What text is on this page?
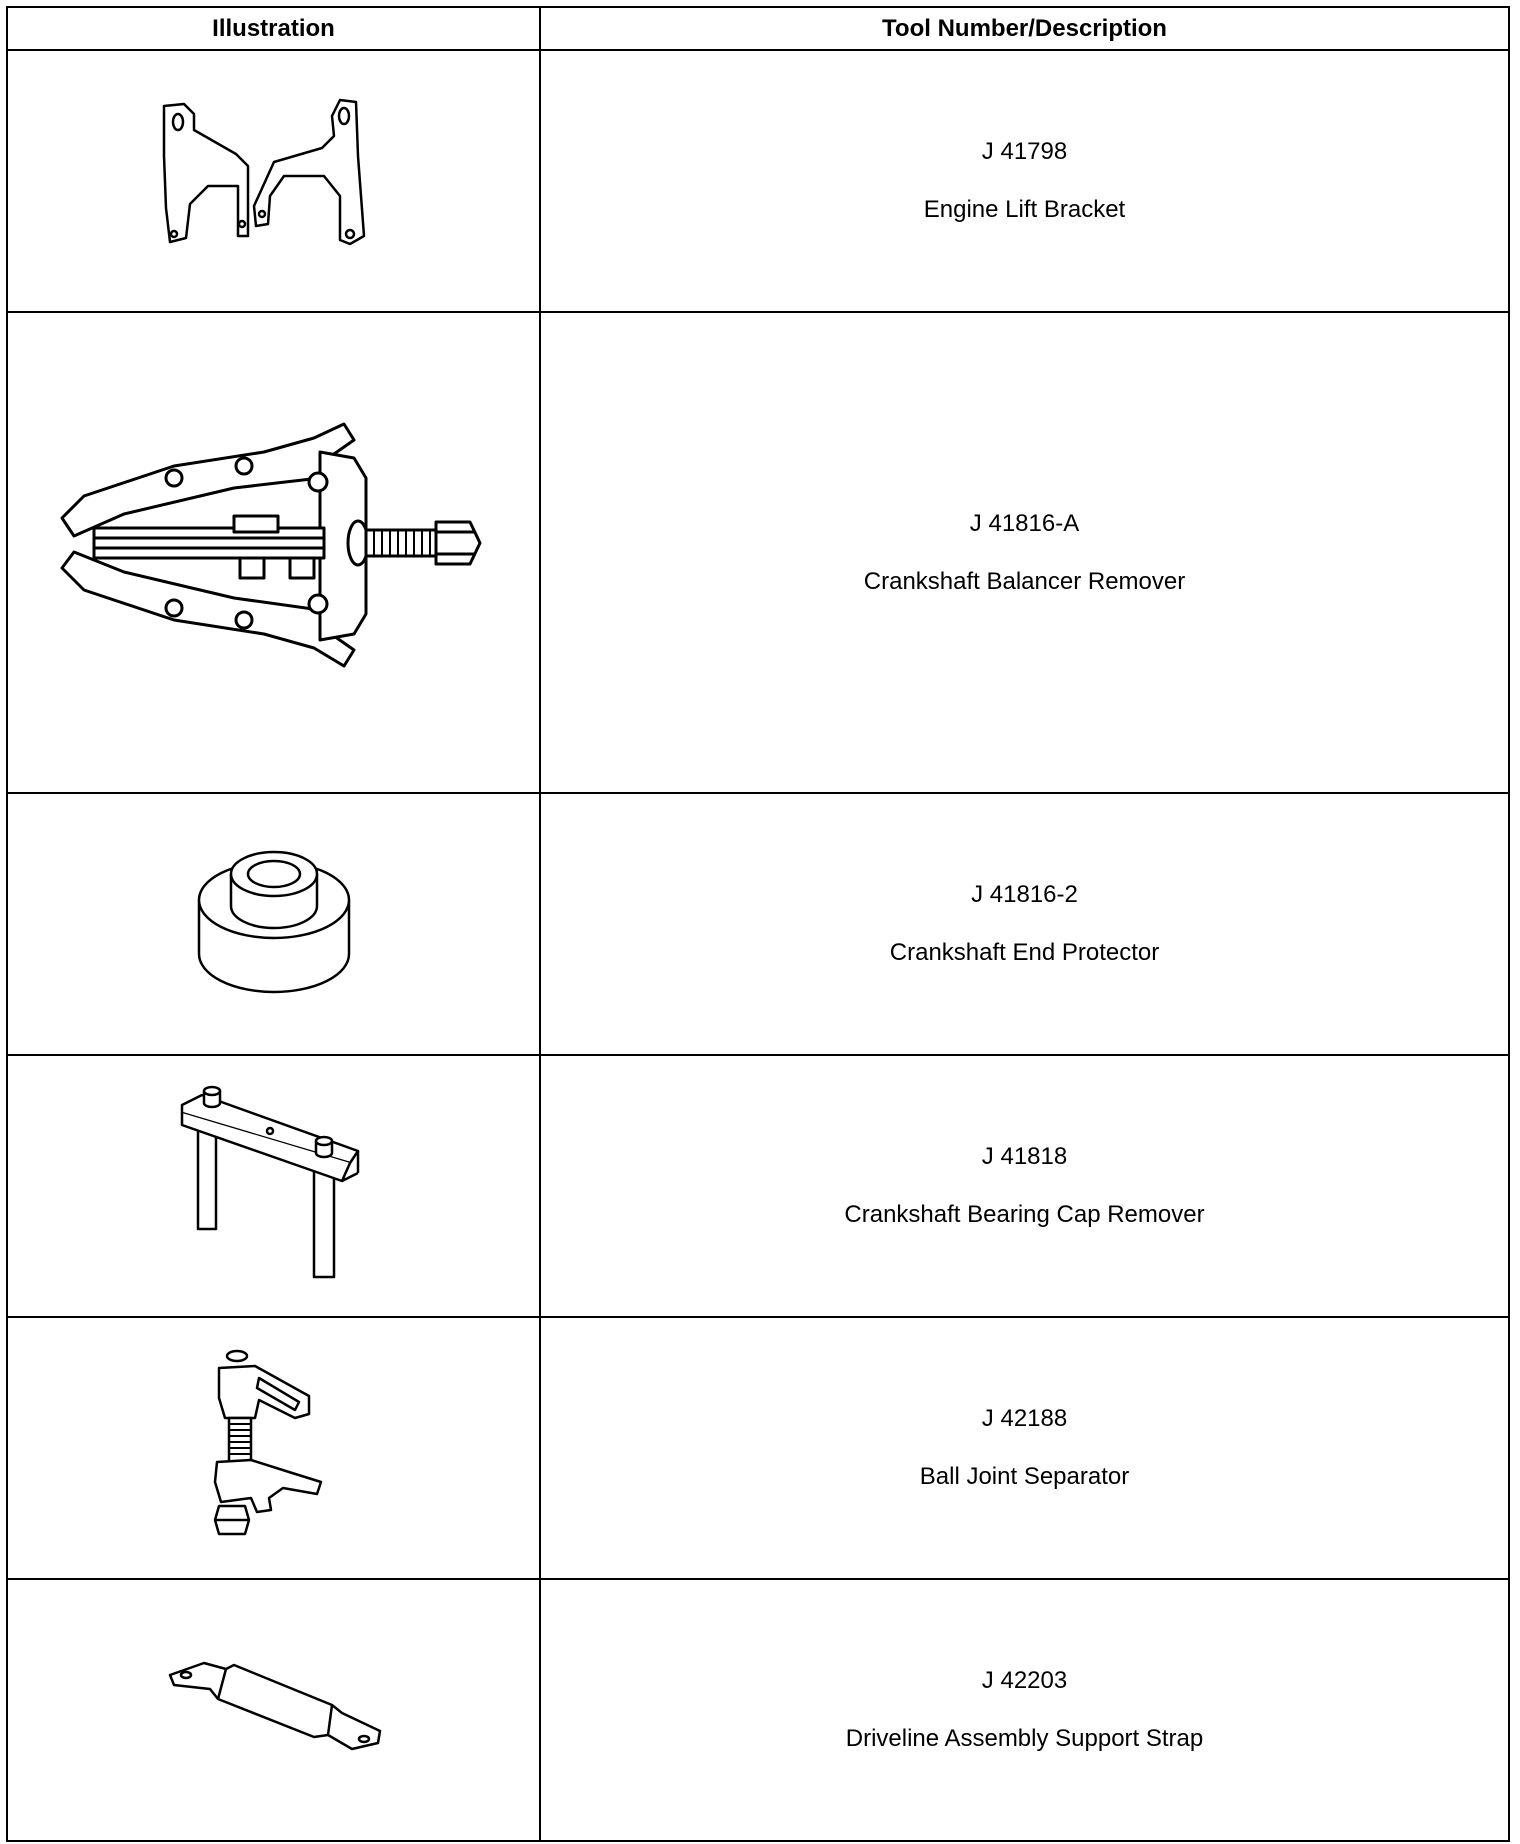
Illustration	Tool Number/Description

J 41798
Engine Lift Bracket

J 41816-A
Crankshaft Balancer Remover

J 41816-2
Crankshaft End Protector

J 41818
Crankshaft Bearing Cap Remover

J 42188
Ball Joint Separator

J 42203
Driveline Assembly Support Strap
